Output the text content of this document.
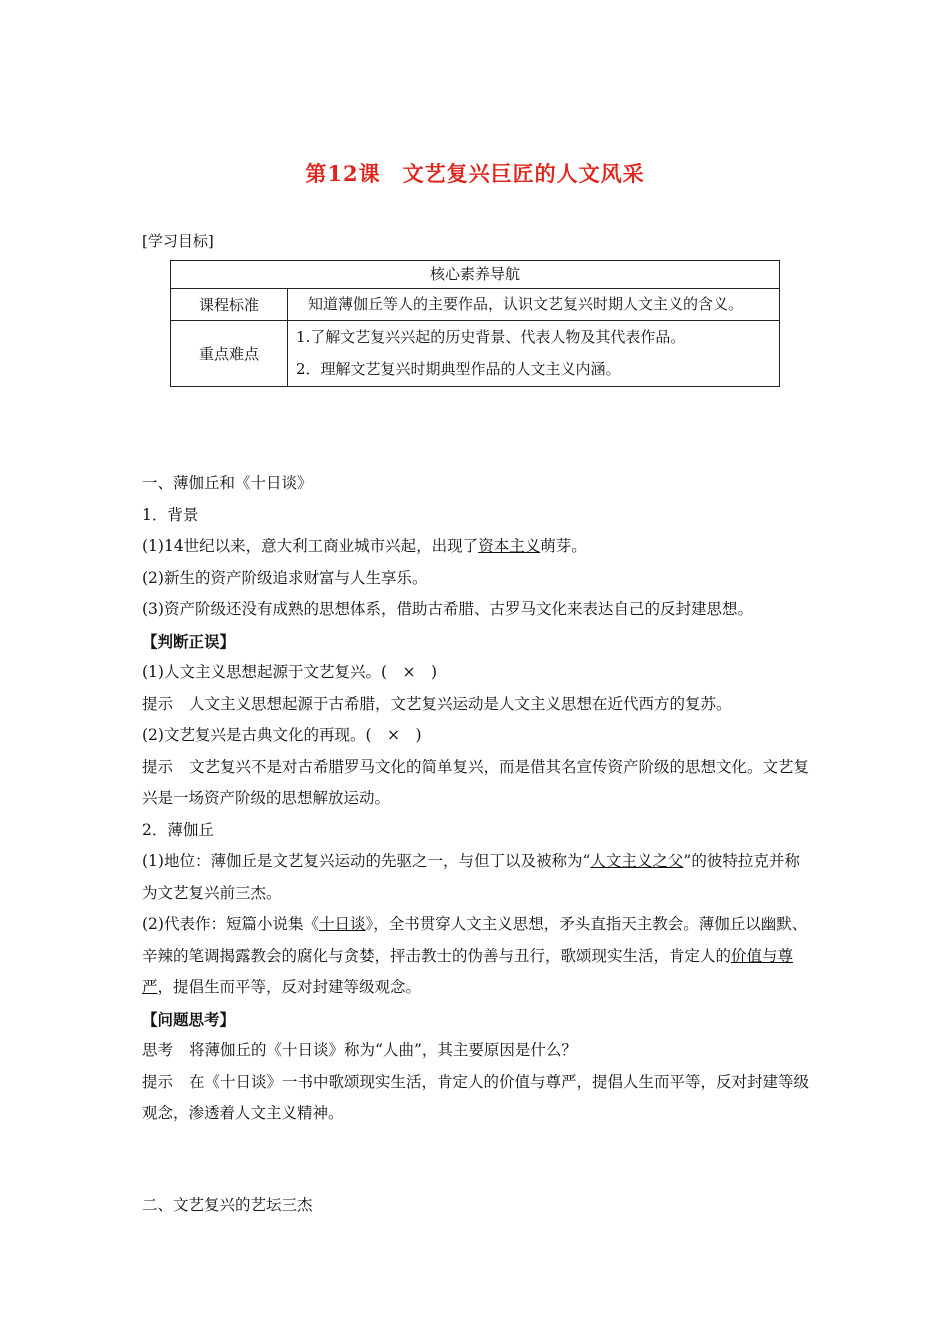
第12课 文艺复兴巨匠的人文风采
[学习目标]
核心素养导航	
课程标准	知道薄伽丘等人的主要作品，认识文艺复兴时期人文主义的含义。
重点难点	1.了解文艺复兴兴起的历史背景、代表人物及其代表作品。
2．理解文艺复兴时期典型作品的人文主义内涵。

一、薄伽丘和《十日谈》

1．背景

(1)14世纪以来，意大利工商业城市兴起，出现了资本主义萌芽。

(2)新生的资产阶级追求财富与人生享乐。

(3)资产阶级还没有成熟的思想体系，借助古希腊、古罗马文化来表达自己的反封建思想。

【判断正误】

(1)人文主义思想起源于文艺复兴。(　×　)

提示 人文主义思想起源于古希腊，文艺复兴运动是人文主义思想在近代西方的复苏。

(2)文艺复兴是古典文化的再现。(　×　)

提示 文艺复兴不是对古希腊罗马文化的简单复兴，而是借其名宣传资产阶级的思想文化。文艺复兴是一场资产阶级的思想解放运动。

2．薄伽丘

(1)地位：薄伽丘是文艺复兴运动的先驱之一，与但丁以及被称为“人文主义之父”的彼特拉克并称为文艺复兴前三杰。

(2)代表作：短篇小说集《十日谈》，全书贯穿人文主义思想，矛头直指天主教会。薄伽丘以幽默、辛辣的笔调揭露教会的腐化与贪婪，抨击教士的伪善与丑行，歌颂现实生活，肯定人的价值与尊严，提倡生而平等，反对封建等级观念。

【问题思考】

思考 将薄伽丘的《十日谈》称为“人曲”，其主要原因是什么？

提示 在《十日谈》一书中歌颂现实生活，肯定人的价值与尊严，提倡人生而平等，反对封建等级观念，渗透着人文主义精神。

二、文艺复兴的艺坛三杰
